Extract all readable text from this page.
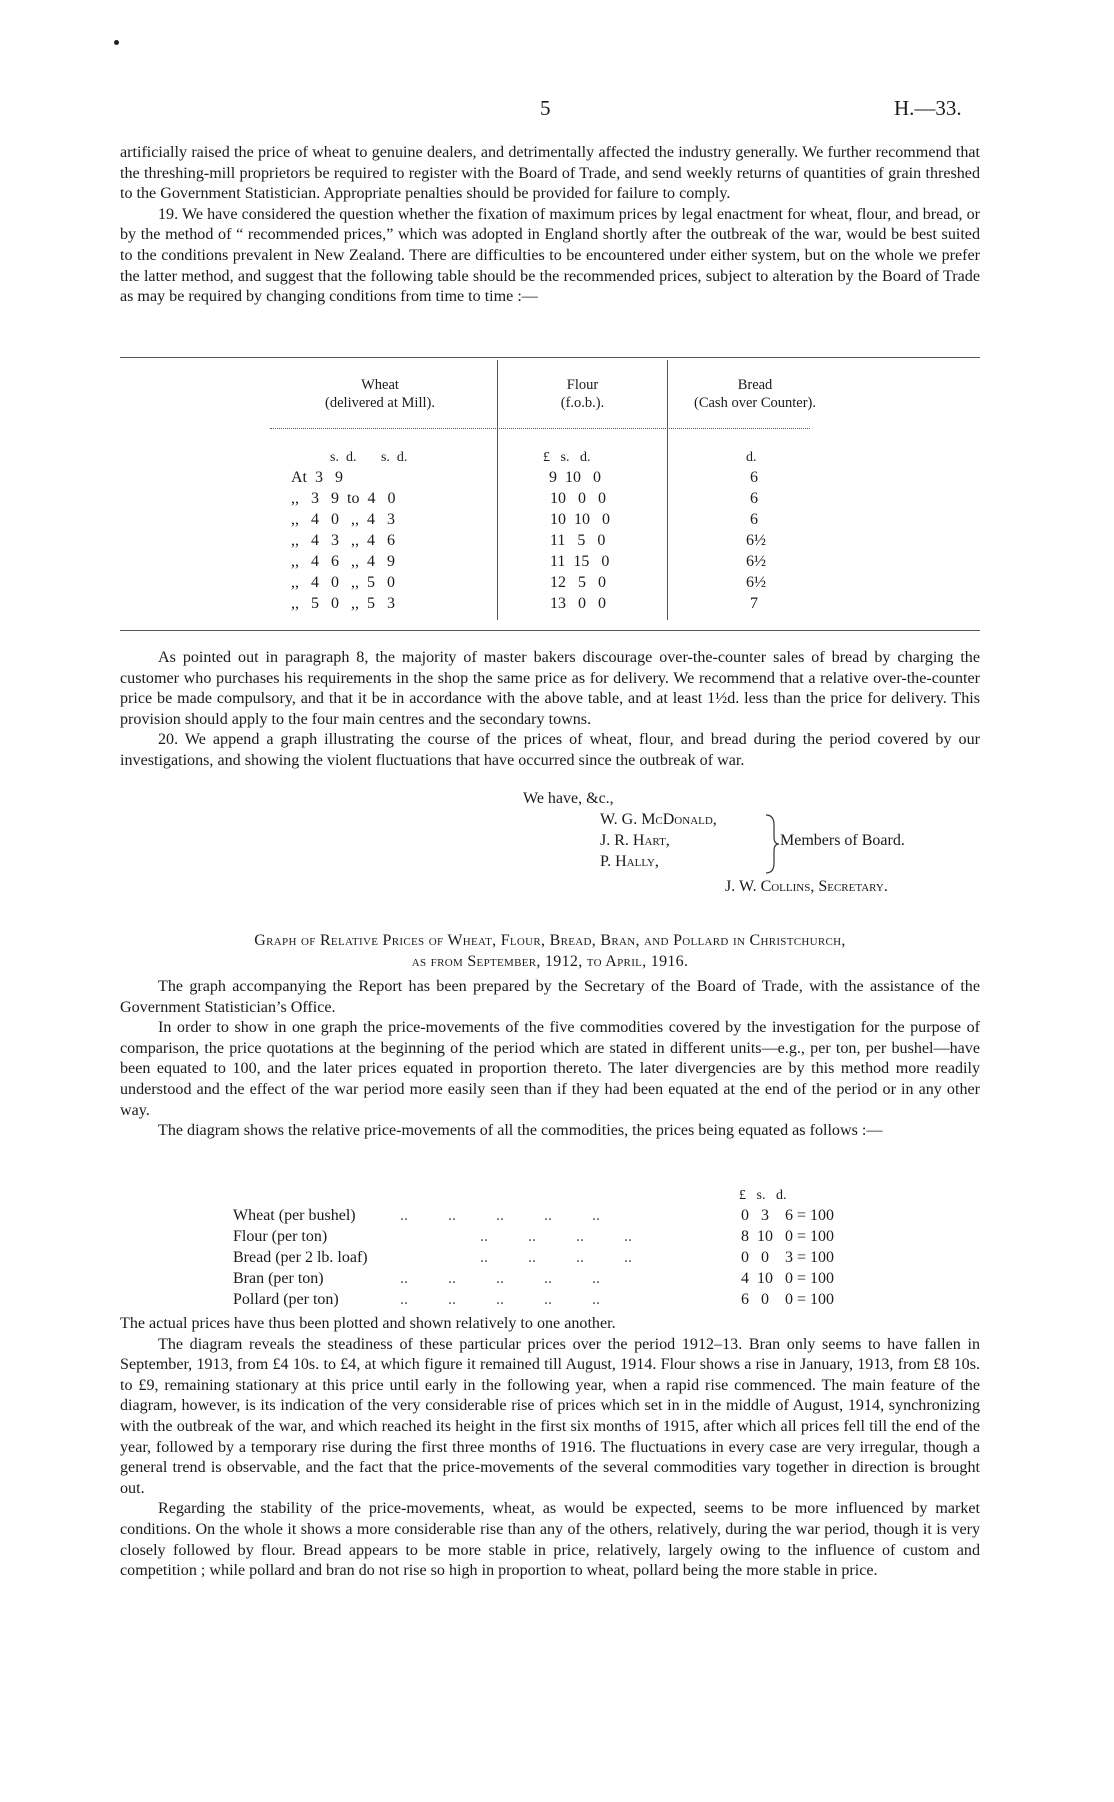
5	H.—33.

artificially raised the price of wheat to genuine dealers, and detrimentally affected the industry generally. We further recommend that the threshing-mill proprietors be required to register with the Board of Trade, and send weekly returns of quantities of grain threshed to the Government Statistician. Appropriate penalties should be provided for failure to comply.

19. We have considered the question whether the fixation of maximum prices by legal enactment for wheat, flour, and bread, or by the method of “ recommended prices,” which was adopted in England shortly after the outbreak of the war, would be best suited to the conditions prevalent in New Zealand. There are difficulties to be encountered under either system, but on the whole we prefer the latter method, and suggest that the following table should be the recommended prices, subject to alteration by the Board of Trade as may be required by changing conditions from time to time :—

Wheat
(delivered at Mill).
Flour
(f.o.b.).
Bread
(Cash over Counter).
s.  d.       s.  d.	£   s.   d.	d.
At  3   9	9  10   0	6
,,   3   9  to  4   0	10   0   0	6
,,   4   0   ,,  4   3	10  10   0	6
,,   4   3   ,,  4   6	11   5   0	6½
,,   4   6   ,,  4   9	11  15   0	6½
,,   4   0   ,,  5   0	12   5   0	6½
,,   5   0   ,,  5   3	13   0   0	7

As pointed out in paragraph 8, the majority of master bakers discourage over-the-counter sales of bread by charging the customer who purchases his requirements in the shop the same price as for delivery. We recommend that a relative over-the-counter price be made compulsory, and that it be in accordance with the above table, and at least 1½d. less than the price for delivery. This provision should apply to the four main centres and the secondary towns.

20. We append a graph illustrating the course of the prices of wheat, flour, and bread during the period covered by our investigations, and showing the violent fluctuations that have occurred since the outbreak of war.

We have, &c.,
W. G. McDonald,
J. R. Hart,
P. Hally,
Members of Board.
J. W. Collins, Secretary.
Graph of Relative Prices of Wheat, Flour, Bread, Bran, and Pollard in Christchurch,
as from September, 1912, to April, 1916.

The graph accompanying the Report has been prepared by the Secretary of the Board of Trade, with the assistance of the Government Statistician’s Office.

In order to show in one graph the price-movements of the five commodities covered by the investigation for the purpose of comparison, the price quotations at the beginning of the period which are stated in different units—e.g., per ton, per bushel—have been equated to 100, and the later prices equated in proportion thereto. The later divergencies are by this method more readily understood and the effect of the war period more easily seen than if they had been equated at the end of the period or in any other way.

The diagram shows the relative price-movements of all the commodities, the prices being equated as follows :—

£   s.   d.
Wheat (per bushel)	..          ..          ..          ..          ..	0   3    6 = 100
Flour (per ton)	..          ..          ..          ..	8  10   0 = 100
Bread (per 2 lb. loaf)	..          ..          ..          ..	0   0    3 = 100
Bran (per ton)	..          ..          ..          ..          ..	4  10   0 = 100
Pollard (per ton)	..          ..          ..          ..          ..	6   0    0 = 100

The actual prices have thus been plotted and shown relatively to one another.

The diagram reveals the steadiness of these particular prices over the period 1912–13. Bran only seems to have fallen in September, 1913, from £4 10s. to £4, at which figure it remained till August, 1914. Flour shows a rise in January, 1913, from £8 10s. to £9, remaining stationary at this price until early in the following year, when a rapid rise commenced. The main feature of the diagram, however, is its indication of the very considerable rise of prices which set in in the middle of August, 1914, synchronizing with the outbreak of the war, and which reached its height in the first six months of 1915, after which all prices fell till the end of the year, followed by a temporary rise during the first three months of 1916. The fluctuations in every case are very irregular, though a general trend is observable, and the fact that the price-movements of the several commodities vary together in direction is brought out.

Regarding the stability of the price-movements, wheat, as would be expected, seems to be more influenced by market conditions. On the whole it shows a more considerable rise than any of the others, relatively, during the war period, though it is very closely followed by flour. Bread appears to be more stable in price, relatively, largely owing to the influence of custom and competition ; while pollard and bran do not rise so high in proportion to wheat, pollard being the more stable in price.
